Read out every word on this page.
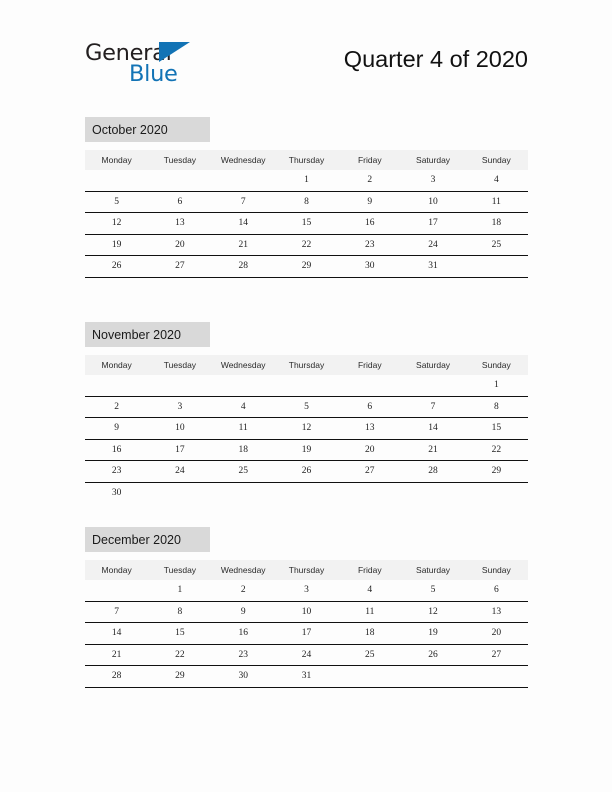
General
Blue
Quarter 4 of 2020
October 2020
Monday	Tuesday	Wednesday	Thursday	Friday	Saturday	Sunday
			1	2	3	4
5	6	7	8	9	10	11
12	13	14	15	16	17	18
19	20	21	22	23	24	25
26	27	28	29	30	31	
November 2020
Monday	Tuesday	Wednesday	Thursday	Friday	Saturday	Sunday
						1
2	3	4	5	6	7	8
9	10	11	12	13	14	15
16	17	18	19	20	21	22
23	24	25	26	27	28	29
30						
December 2020
Monday	Tuesday	Wednesday	Thursday	Friday	Saturday	Sunday
	1	2	3	4	5	6
7	8	9	10	11	12	13
14	15	16	17	18	19	20
21	22	23	24	25	26	27
28	29	30	31			
